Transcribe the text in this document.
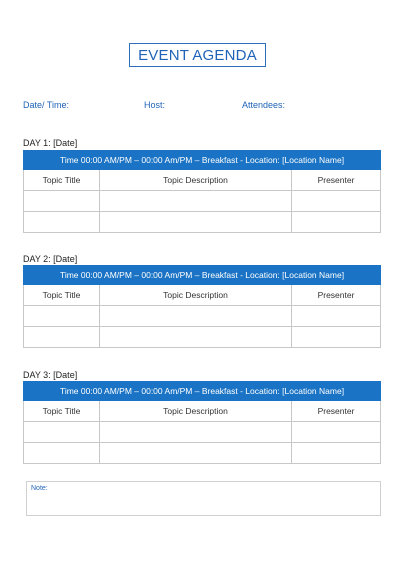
EVENT AGENDA
Date/ Time:	Host:	Attendees:
DAY 1: [Date]
Time 00:00 AM/PM – 00:00 Am/PM – Breakfast - Location: [Location Name]		
Topic Title	Topic Description	Presenter

DAY 2: [Date]
Time 00:00 AM/PM – 00:00 Am/PM – Breakfast - Location: [Location Name]		
Topic Title	Topic Description	Presenter

DAY 3: [Date]
Time 00:00 AM/PM – 00:00 Am/PM – Breakfast - Location: [Location Name]		
Topic Title	Topic Description	Presenter

Note:
